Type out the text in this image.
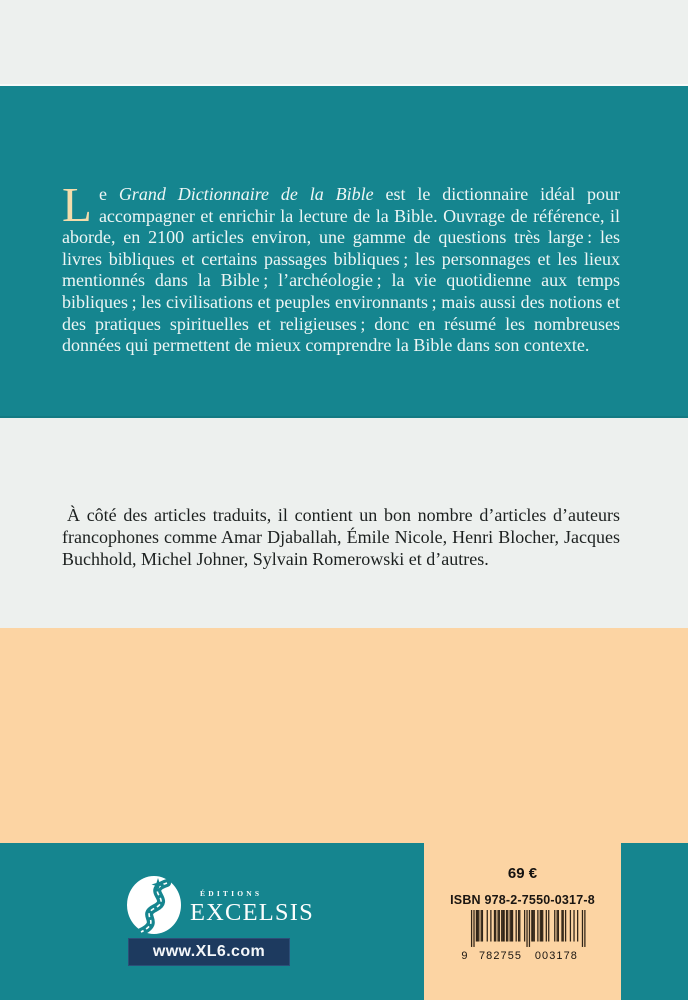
Le Grand Dictionnaire de la Bible est le dictionnaire idéal pour accompagner et enrichir la lecture de la Bible. Ouvrage de référence, il aborde, en 2100 articles environ, une gamme de questions très large : les livres bibliques et certains passages bibliques ; les personnages et les lieux mentionnés dans la Bible ; l’archéologie ; la vie quotidienne aux temps bibliques ; les civilisations et peuples environnants ; mais aussi des notions et des pratiques spirituelles et religieuses ; donc en résumé les nombreuses données qui permettent de mieux comprendre la Bible dans son contexte.

À côté des articles traduits, il contient un bon nombre d’articles d’auteurs francophones comme Amar Djaballah, Émile Nicole, Henri Blocher, Jacques Buchhold, Michel Johner, Sylvain Romerowski et d’autres.

ÉDITIONS
EXCELSIS
www.XL6.com
69 €
ISBN 978-2-7550-0317-8
9 782755 003178
